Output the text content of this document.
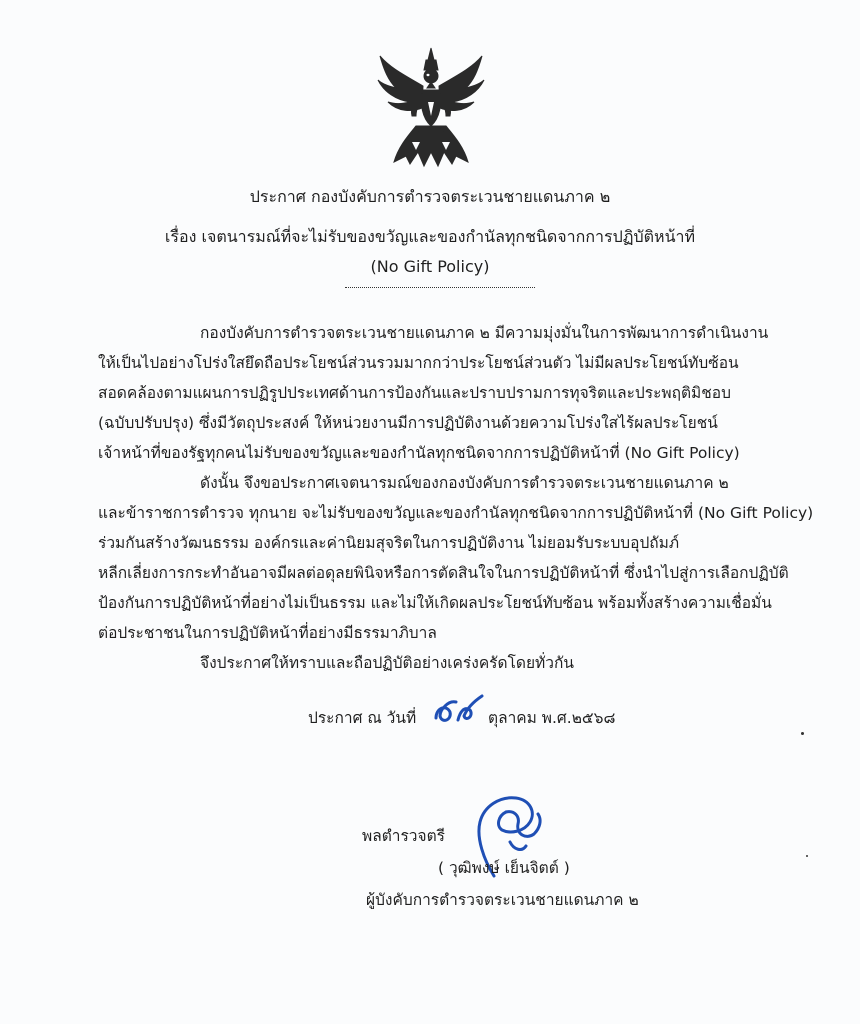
ประกาศ กองบังคับการตำรวจตระเวนชายแดนภาค ๒
เรื่อง เจตนารมณ์ที่จะไม่รับของขวัญและของกำนัลทุกชนิดจากการปฏิบัติหน้าที่
(No Gift Policy)
กองบังคับการตำรวจตระเวนชายแดนภาค ๒ มีความมุ่งมั่นในการพัฒนาการดำเนินงาน
ให้เป็นไปอย่างโปร่งใสยึดถือประโยชน์ส่วนรวมมากกว่าประโยชน์ส่วนตัว ไม่มีผลประโยชน์ทับซ้อน
สอดคล้องตามแผนการปฏิรูปประเทศด้านการป้องกันและปราบปรามการทุจริตและประพฤติมิชอบ
(ฉบับปรับปรุง) ซึ่งมีวัตถุประสงค์ ให้หน่วยงานมีการปฏิบัติงานด้วยความโปร่งใสไร้ผลประโยชน์
เจ้าหน้าที่ของรัฐทุกคนไม่รับของขวัญและของกำนัลทุกชนิดจากการปฏิบัติหน้าที่ (No Gift Policy)
ดังนั้น จึงขอประกาศเจตนารมณ์ของกองบังคับการตำรวจตระเวนชายแดนภาค ๒
และข้าราชการตำรวจ ทุกนาย จะไม่รับของขวัญและของกำนัลทุกชนิดจากการปฏิบัติหน้าที่ (No Gift Policy)
ร่วมกันสร้างวัฒนธรรม องค์กรและค่านิยมสุจริตในการปฏิบัติงาน ไม่ยอมรับระบบอุปถัมภ์
หลีกเลี่ยงการกระทำอันอาจมีผลต่อดุลยพินิจหรือการตัดสินใจในการปฏิบัติหน้าที่ ซึ่งนำไปสู่การเลือกปฏิบัติ
ป้องกันการปฏิบัติหน้าที่อย่างไม่เป็นธรรม และไม่ให้เกิดผลประโยชน์ทับซ้อน พร้อมทั้งสร้างความเชื่อมั่น
ต่อประชาชนในการปฏิบัติหน้าที่อย่างมีธรรมาภิบาล
จึงประกาศให้ทราบและถือปฏิบัติอย่างเคร่งครัดโดยทั่วกัน
ประกาศ ณ วันที่	ตุลาคม พ.ศ.๒๕๖๘
พลตำรวจตรี
( วุฒิพงษ์ เย็นจิตต์ )
ผู้บังคับการตำรวจตระเวนชายแดนภาค ๒
